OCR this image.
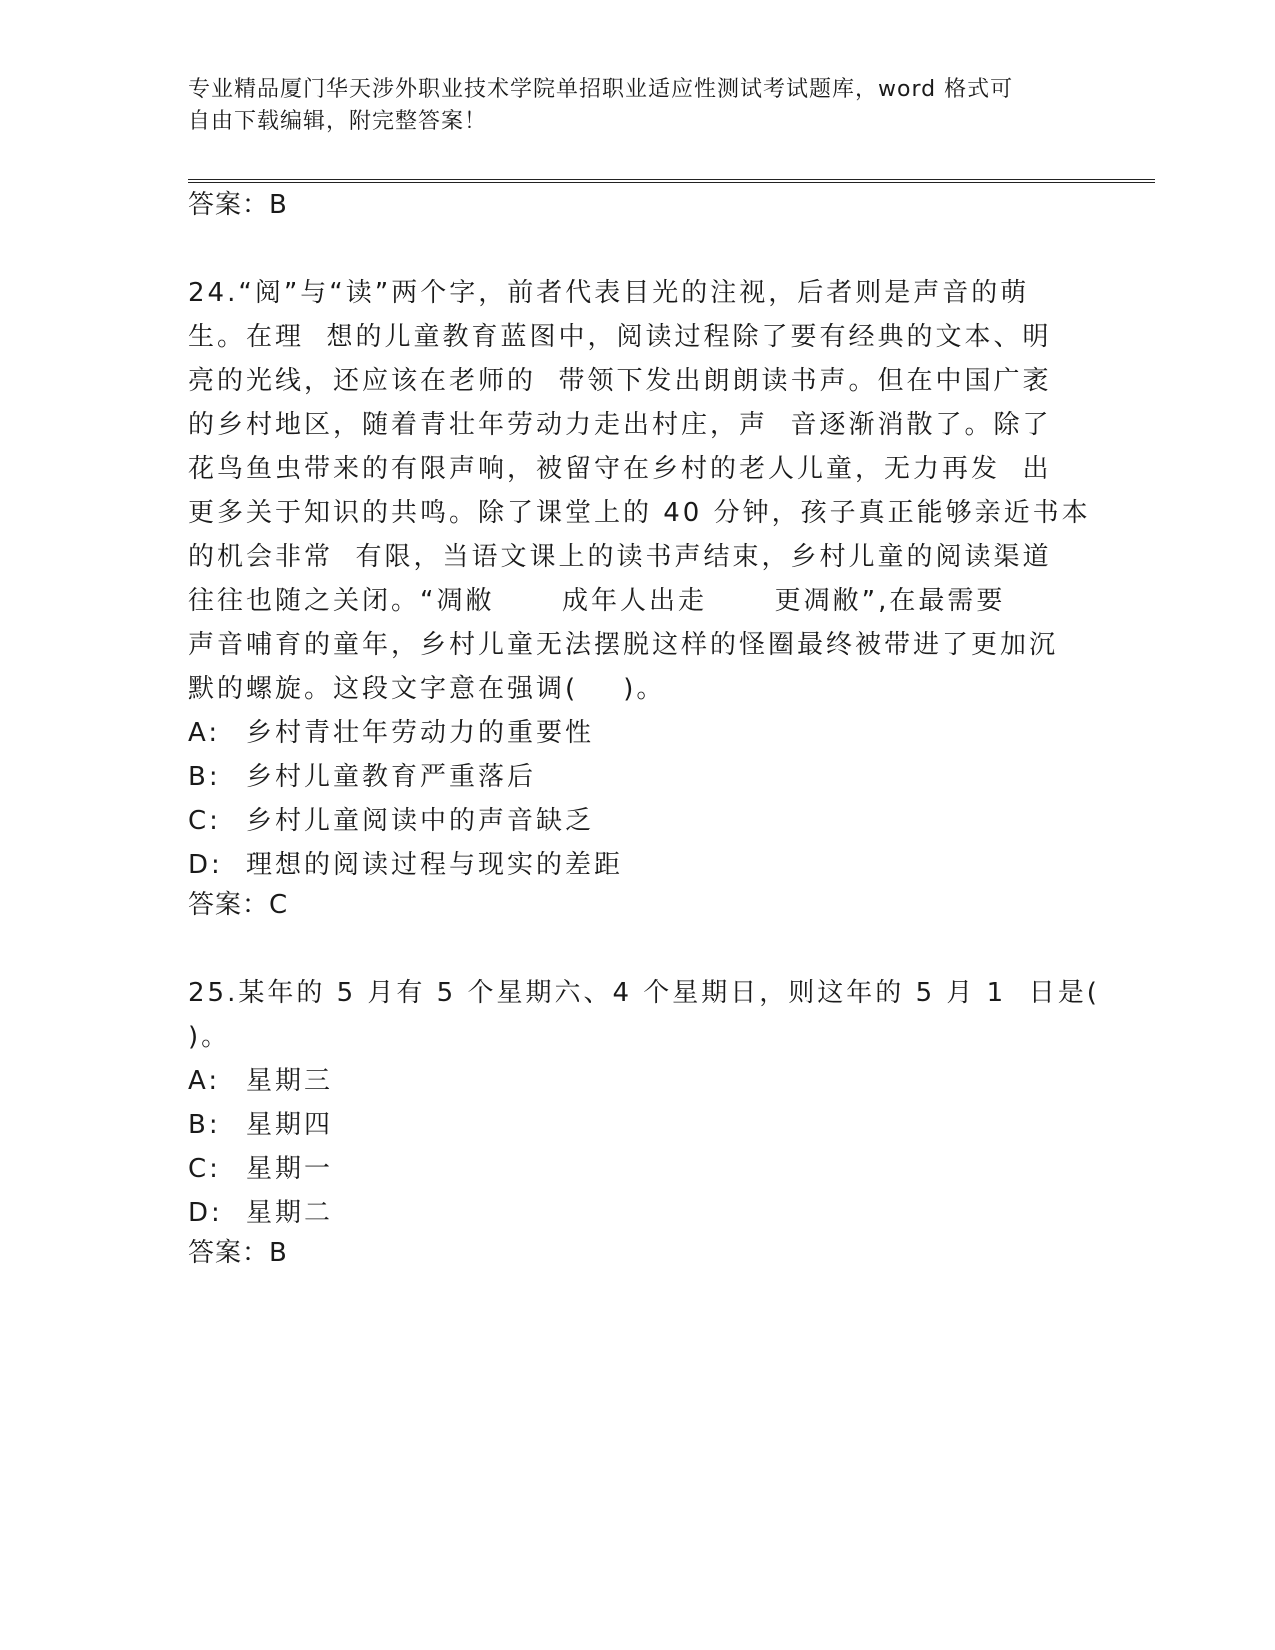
专业精品厦门华天涉外职业技术学院单招职业适应性测试考试题库，word 格式可
自由下载编辑，附完整答案！

答案：B

24.“阅”与“读”两个字，前者代表目光的注视，后者则是声音的萌

生。在理  想的儿童教育蓝图中，阅读过程除了要有经典的文本、明

亮的光线，还应该在老师的  带领下发出朗朗读书声。但在中国广袤

的乡村地区，随着青壮年劳动力走出村庄，声  音逐渐消散了。除了

花鸟鱼虫带来的有限声响，被留守在乡村的老人儿童，无力再发  出

更多关于知识的共鸣。除了课堂上的 40 分钟，孩子真正能够亲近书本

的机会非常  有限，当语文课上的读书声结束，乡村儿童的阅读渠道

往往也随之关闭。“凋敝      成年人出走      更凋敝”,在最需要

声音哺育的童年，乡村儿童无法摆脱这样的怪圈最终被带进了更加沉

默的螺旋。这段文字意在强调(    )。

A: 乡村青壮年劳动力的重要性

B: 乡村儿童教育严重落后

C: 乡村儿童阅读中的声音缺乏

D: 理想的阅读过程与现实的差距

答案：C

25.某年的 5 月有 5 个星期六、4 个星期日，则这年的 5 月 1  日是(

)。

A: 星期三

B: 星期四

C: 星期一

D: 星期二

答案：B
